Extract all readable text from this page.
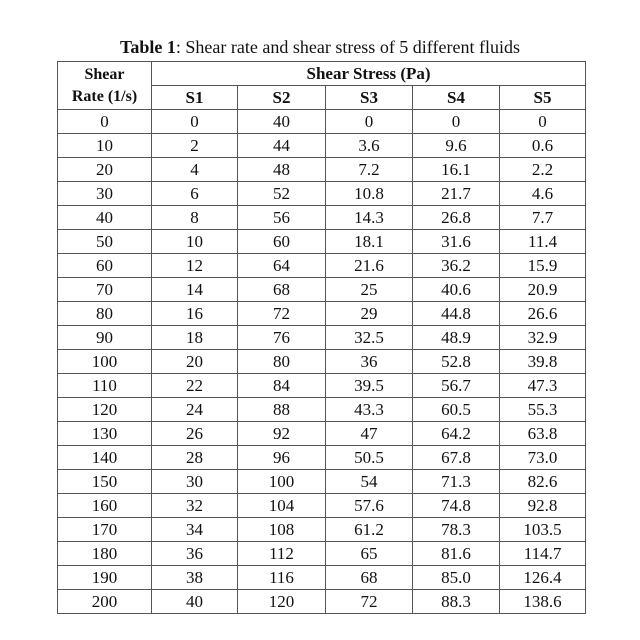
Table 1: Shear rate and shear stress of 5 different fluids
Shear
Rate (1/s)	Shear Stress (Pa)				
	S1	S2	S3	S4	S5
0	0	40	0	0	0
10	2	44	3.6	9.6	0.6
20	4	48	7.2	16.1	2.2
30	6	52	10.8	21.7	4.6
40	8	56	14.3	26.8	7.7
50	10	60	18.1	31.6	11.4
60	12	64	21.6	36.2	15.9
70	14	68	25	40.6	20.9
80	16	72	29	44.8	26.6
90	18	76	32.5	48.9	32.9
100	20	80	36	52.8	39.8
110	22	84	39.5	56.7	47.3
120	24	88	43.3	60.5	55.3
130	26	92	47	64.2	63.8
140	28	96	50.5	67.8	73.0
150	30	100	54	71.3	82.6
160	32	104	57.6	74.8	92.8
170	34	108	61.2	78.3	103.5
180	36	112	65	81.6	114.7
190	38	116	68	85.0	126.4
200	40	120	72	88.3	138.6
